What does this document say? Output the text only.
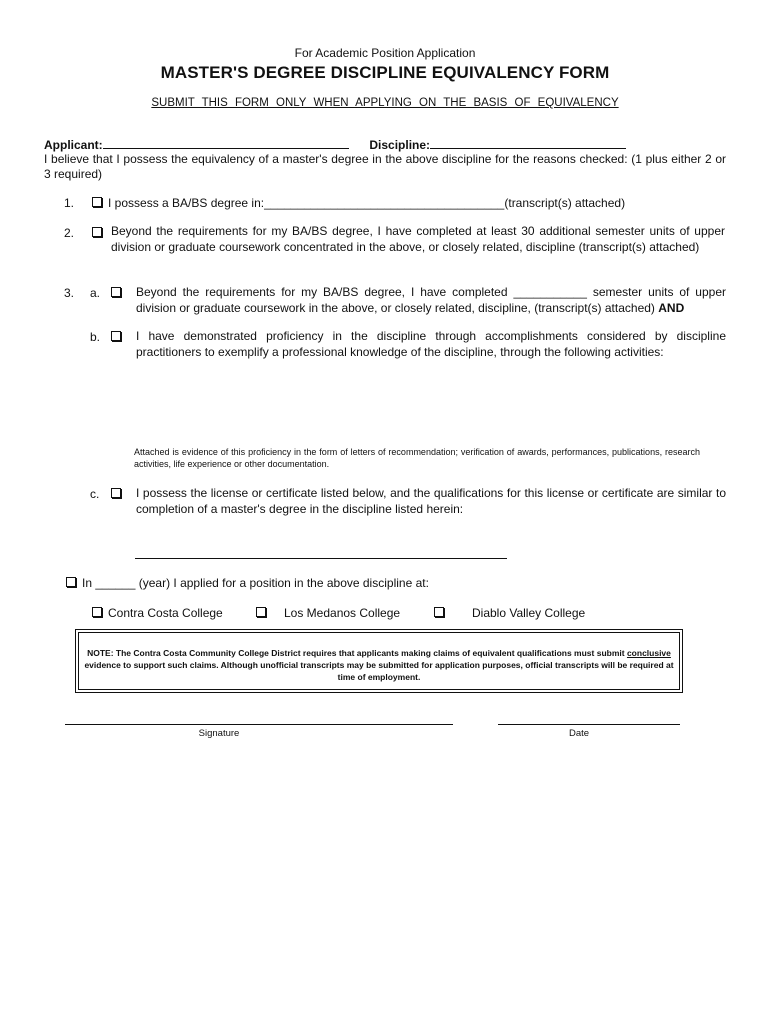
For Academic Position Application
MASTER'S DEGREE DISCIPLINE EQUIVALENCY FORM
SUBMIT THIS FORM ONLY WHEN APPLYING ON THE BASIS OF EQUIVALENCY
Applicant:	Discipline:
I believe that I possess the equivalency of a master's degree in the above discipline for the reasons checked: (1 plus either 2 or 3 required)
1.	I possess a BA/BS degree in:____________________________________(transcript(s) attached)
2.	Beyond the requirements for my BA/BS degree, I have completed at least 30 additional semester units of upper division or graduate coursework concentrated in the above, or closely related, discipline (transcript(s) attached)
3. a.	Beyond the requirements for my BA/BS degree, I have completed ___________ semester units of upper division or graduate coursework in the above, or closely related, discipline, (transcript(s) attached) AND
b.	I have demonstrated proficiency in the discipline through accomplishments considered by discipline practitioners to exemplify a professional knowledge of the discipline, through the following activities:
Attached is evidence of this proficiency in the form of letters of recommendation; verification of awards, performances, publications, research activities, life experience or other documentation.
c.	I possess the license or certificate listed below, and the qualifications for this license or certificate are similar to completion of a master's degree in the discipline listed herein:
In ______ (year) I applied for a position in the above discipline at:
Contra Costa College	Los Medanos College	Diablo Valley College
NOTE: The Contra Costa Community College District requires that applicants making claims of equivalent qualifications must submit conclusive evidence to support such claims. Although unofficial transcripts may be submitted for application purposes, official transcripts will be required at time of employment.
Signature	Date
